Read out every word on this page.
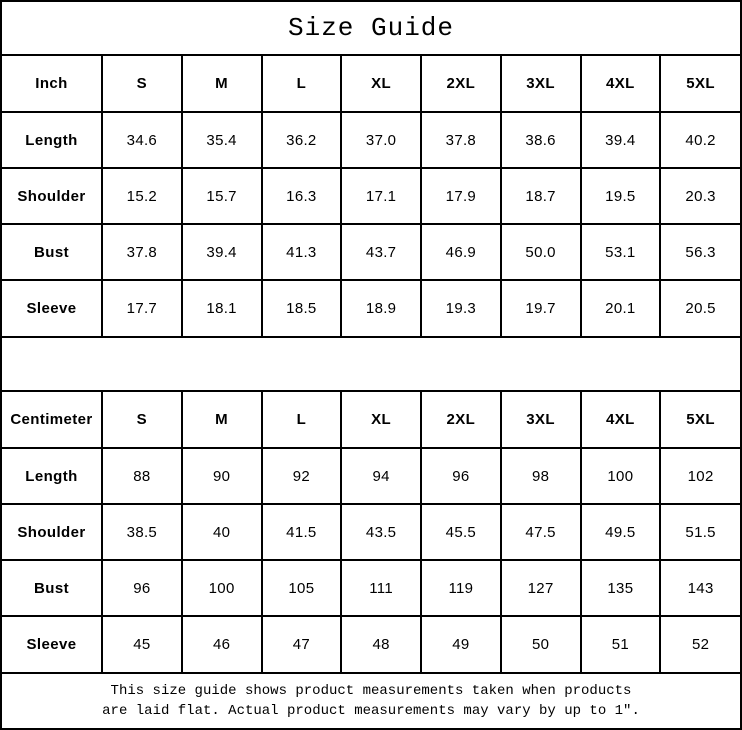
Size Guide
Inch	S	M	L	XL	2XL	3XL	4XL	5XL
Length	34.6	35.4	36.2	37.0	37.8	38.6	39.4	40.2
Shoulder	15.2	15.7	16.3	17.1	17.9	18.7	19.5	20.3
Bust	37.8	39.4	41.3	43.7	46.9	50.0	53.1	56.3
Sleeve	17.7	18.1	18.5	18.9	19.3	19.7	20.1	20.5
Centimeter	S	M	L	XL	2XL	3XL	4XL	5XL
Length	88	90	92	94	96	98	100	102
Shoulder	38.5	40	41.5	43.5	45.5	47.5	49.5	51.5
Bust	96	100	105	111	119	127	135	143
Sleeve	45	46	47	48	49	50	51	52
This size guide shows product measurements taken when products
are laid flat. Actual product measurements may vary by up to 1″.
